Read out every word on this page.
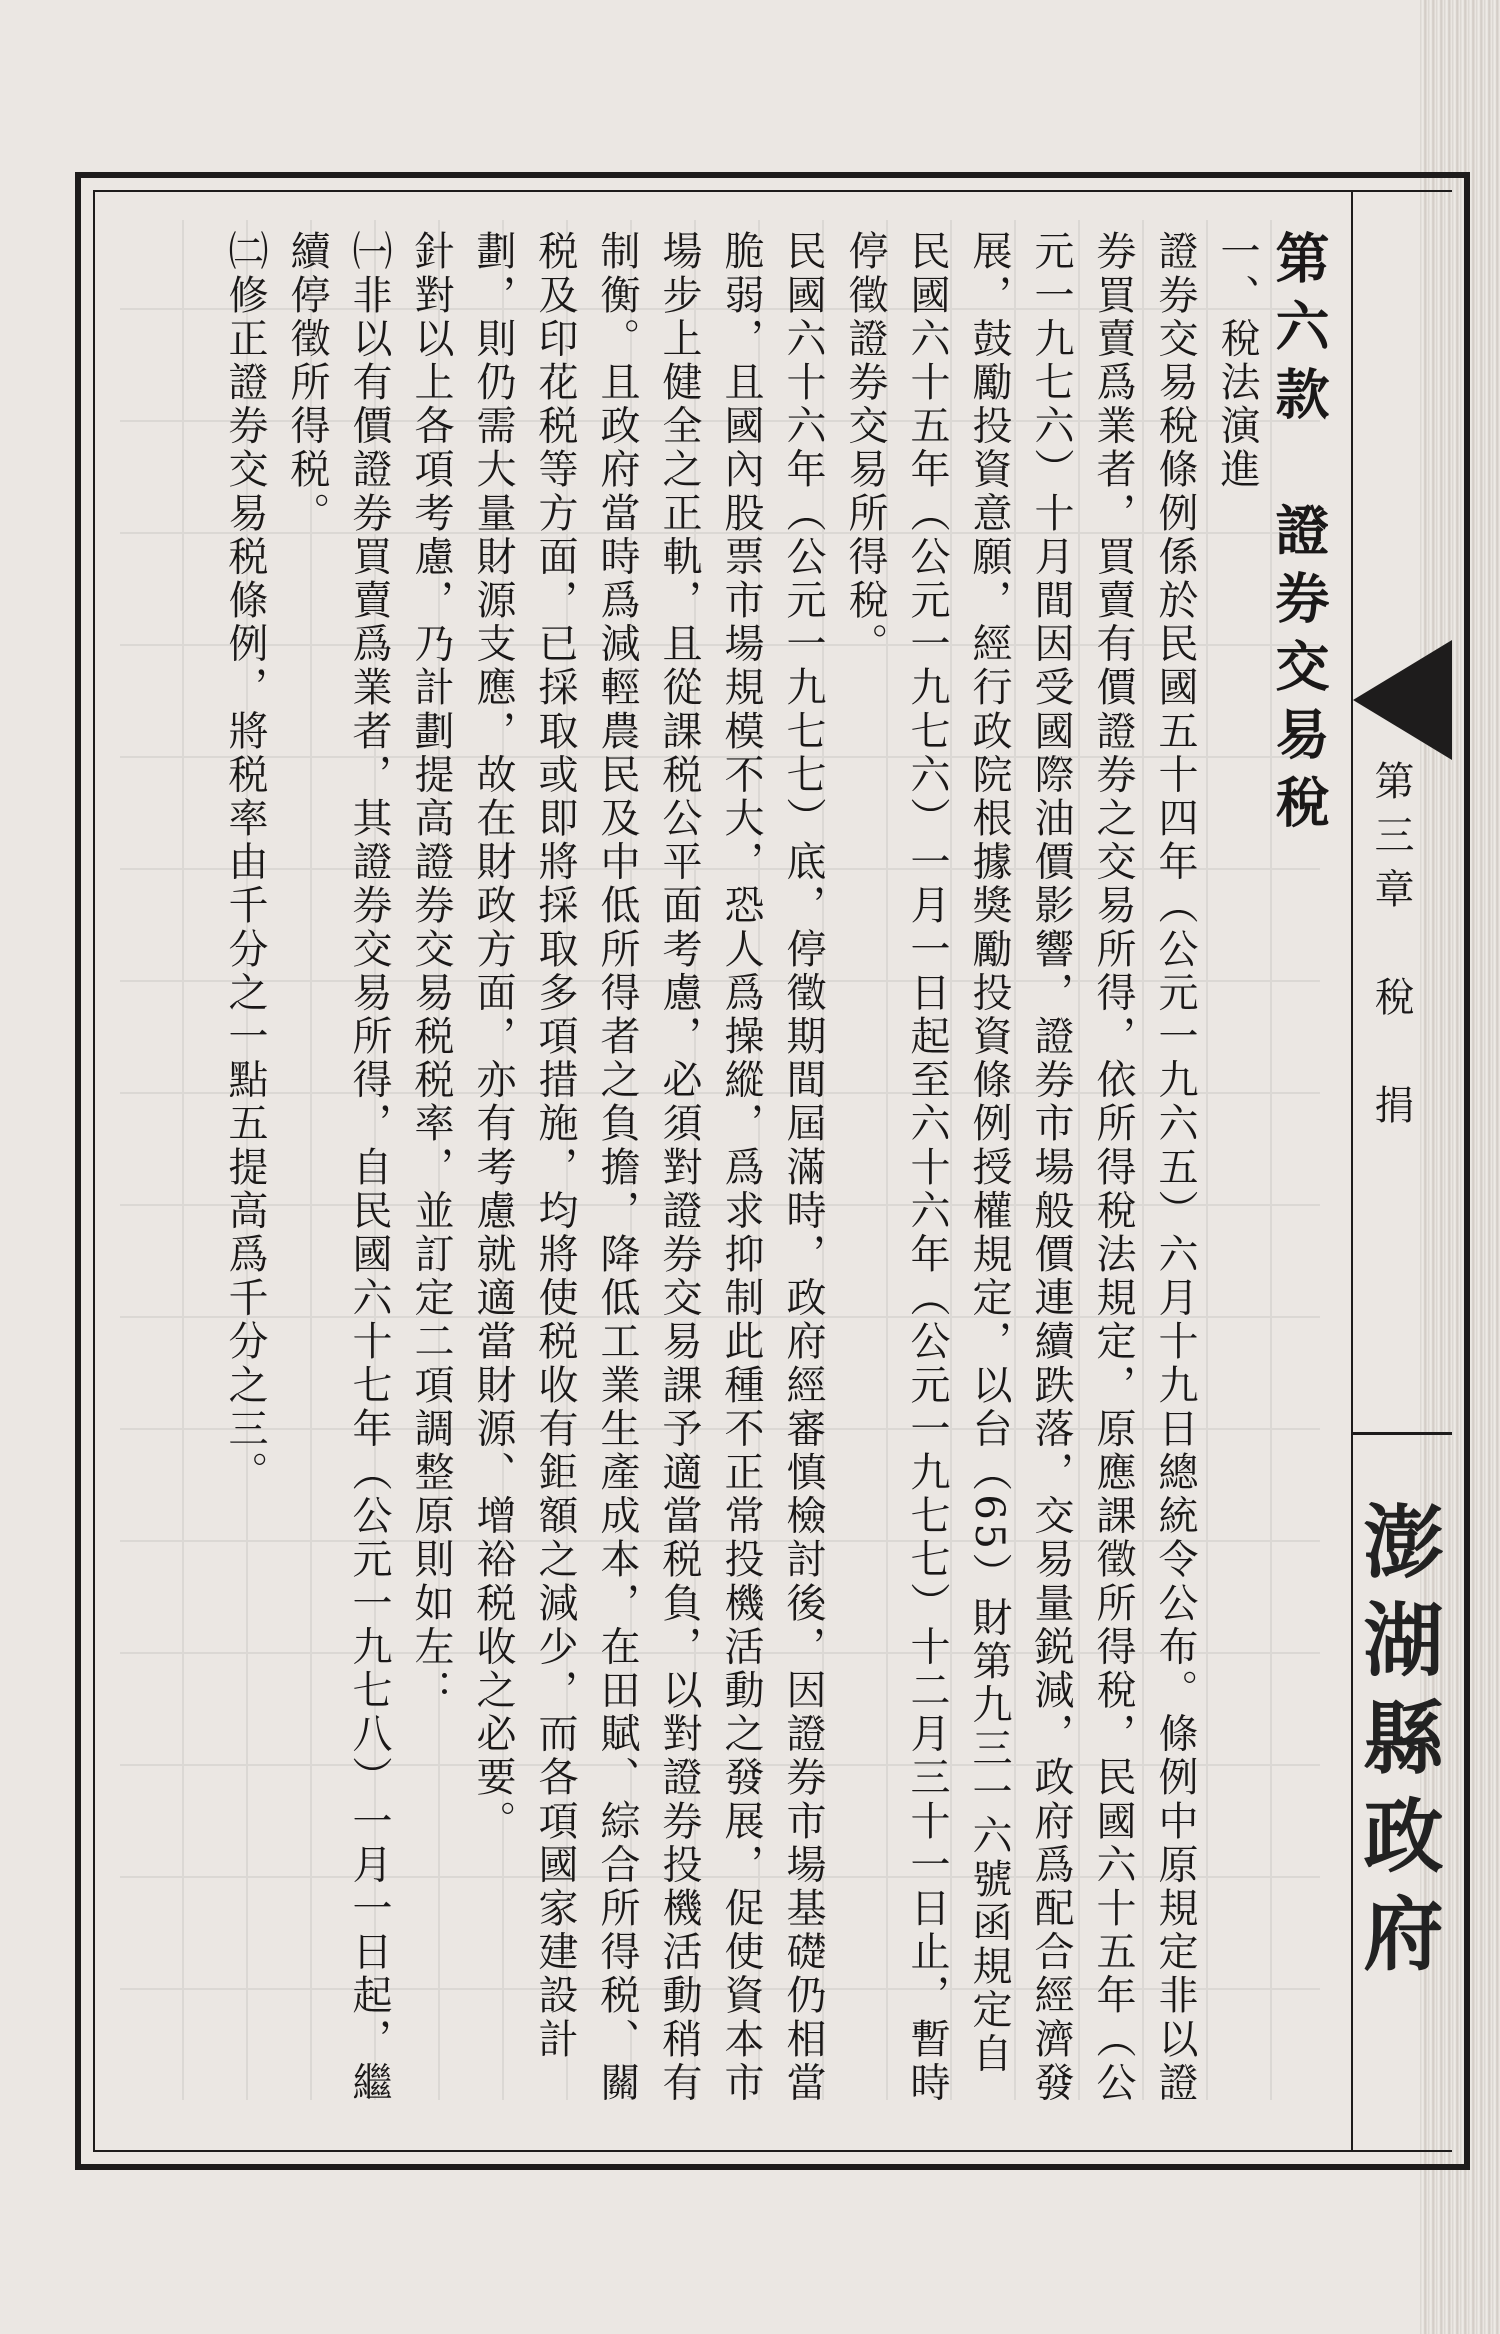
第三章　稅　捐
澎湖縣政府

第六款　證券交易稅

一、稅法演進

證券交易稅條例係於民國五十四年（公元一九六五）六月十九日總統令公布。條例中原規定非以證券買賣爲業者，買賣有價證券之交易所得，依所得稅法規定，原應課徵所得稅，民國六十五年（公元一九七六）十月間因受國際油價影響，證券市場般價連續跌落，交易量鋭減，政府爲配合經濟發展，鼓勵投資意願，經行政院根據獎勵投資條例授權規定，以台（65）財第九三一六號函規定自民國六十五年（公元一九七六）一月一日起至六十六年（公元一九七七）十二月三十一日止，暫時停徵證券交易所得稅。

民國六十六年（公元一九七七）底，停徵期間屆滿時，政府經審慎檢討後，因證券市場基礎仍相當脆弱，且國內股票市場規模不大，恐人爲操縱，爲求抑制此種不正常投機活動之發展，促使資本市場步上健全之正軌，且從課税公平面考慮，必須對證券交易課予適當税負，以對證券投機活動稍有制衡。且政府當時爲減輕農民及中低所得者之負擔，降低工業生產成本，在田賦、綜合所得税、關税及印花税等方面，已採取或即將採取多項措施，均將使税收有鉅額之減少，而各項國家建設計劃，則仍需大量財源支應，故在財政方面，亦有考慮就適當財源、增裕税收之必要。

針對以上各項考慮，乃計劃提高證券交易税税率，並訂定二項調整原則如左：

㈠非以有價證券買賣爲業者，其證券交易所得，自民國六十七年（公元一九七八）一月一日起，繼續停徵所得税。

㈡修正證券交易税條例，將税率由千分之一點五提高爲千分之三。
